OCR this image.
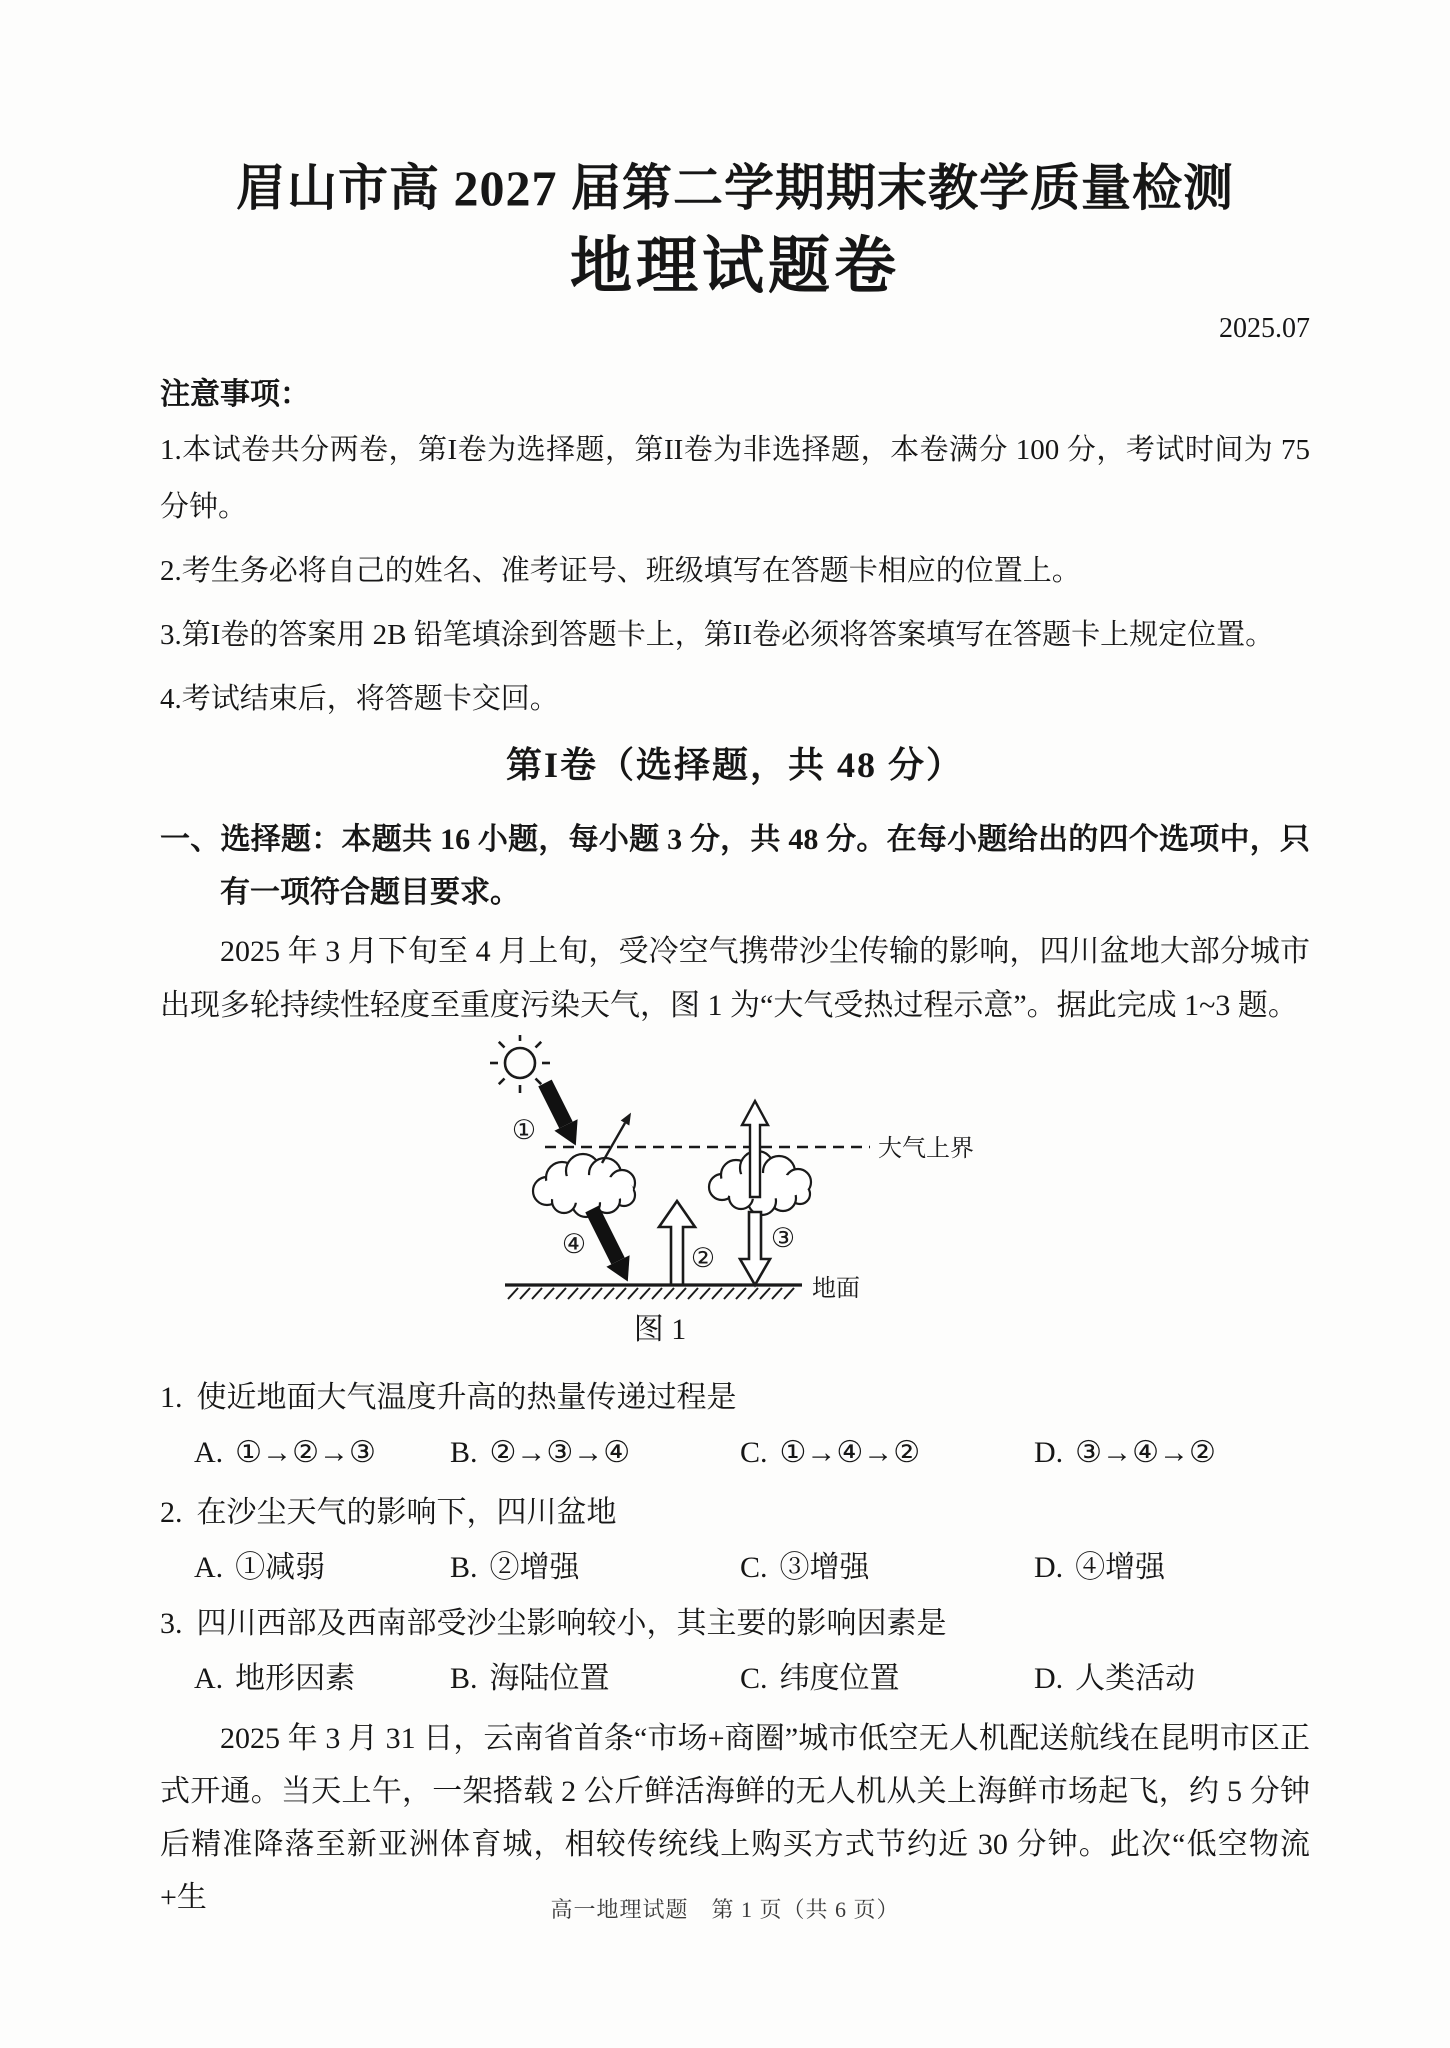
眉山市高 2027 届第二学期期末教学质量检测
地理试题卷
2025.07
注意事项：

1.本试卷共分两卷，第I卷为选择题，第II卷为非选择题，本卷满分 100 分，考试时间为 75 分钟。

2.考生务必将自己的姓名、准考证号、班级填写在答题卡相应的位置上。

3.第I卷的答案用 2B 铅笔填涂到答题卡上，第II卷必须将答案填写在答题卡上规定位置。

4.考试结束后，将答题卡交回。

第I卷（选择题，共 48 分）
一、选择题：本题共 16 小题，每小题 3 分，共 48 分。在每小题给出的四个选项中，只有一项符合题目要求。

2025 年 3 月下旬至 4 月上旬，受冷空气携带沙尘传输的影响，四川盆地大部分城市出现多轮持续性轻度至重度污染天气，图 1 为“大气受热过程示意”。据此完成 1~3 题。

大气上界
①
④	②
③
地面
图 1
1. 使近地面大气温度升高的热量传递过程是
A. ①→②→③ B. ②→③→④	C. ①→④→②	D. ③→④→②
2. 在沙尘天气的影响下，四川盆地
A. ①减弱	B. ②增强	C. ③增强	D. ④增强
3. 四川西部及西南部受沙尘影响较小，其主要的影响因素是
A. 地形因素	B. 海陆位置	C. 纬度位置	D. 人类活动

2025 年 3 月 31 日，云南省首条“市场+商圈”城市低空无人机配送航线在昆明市区正式开通。当天上午，一架搭载 2 公斤鲜活海鲜的无人机从关上海鲜市场起飞，约 5 分钟后精准降落至新亚洲体育城，相较传统线上购买方式节约近 30 分钟。此次“低空物流+生	高一地理试题　第 1 页（共 6 页）
